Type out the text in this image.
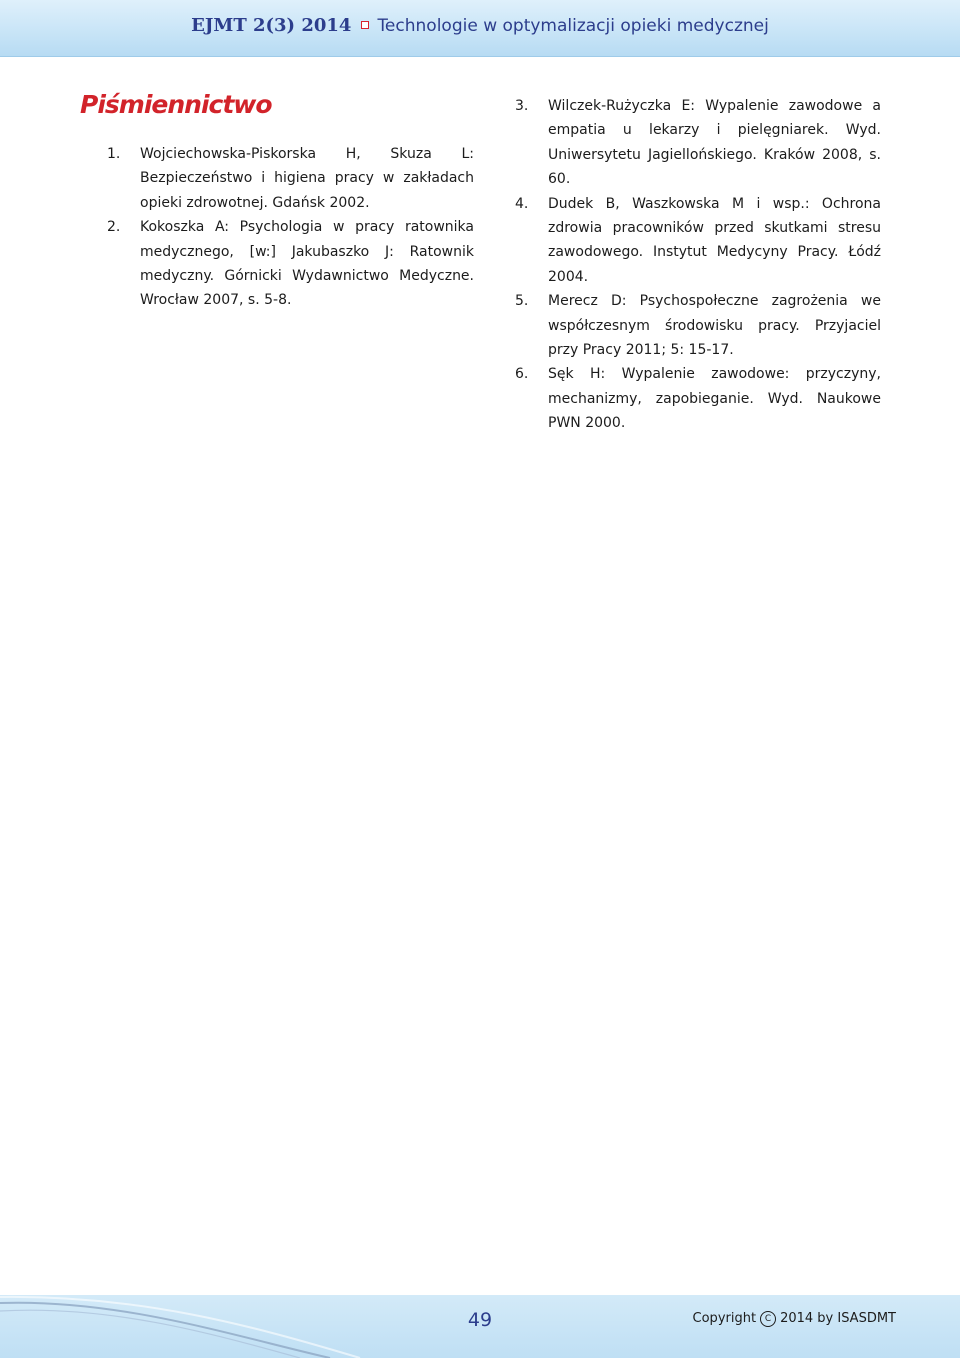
EJMT 2(3) 2014 Technologie w optymalizacji opieki medycznej
Piśmiennictwo
1. Wojciechowska-Piskorska H, Skuza L: Bezpieczeństwo i higiena pracy w zakładach opieki zdrowotnej. Gdańsk 2002.
2. Kokoszka A: Psychologia w pracy ratownika medycznego, [w:] Jakubaszko J: Ratownik medyczny. Górnicki Wydawnictwo Medyczne. Wrocław 2007, s. 5-8.
3. Wilczek-Rużyczka E: Wypalenie zawodowe a empatia u lekarzy i pielęgniarek. Wyd. Uniwersytetu Jagiellońskiego. Kraków 2008, s. 60.
4. Dudek B, Waszkowska M i wsp.: Ochrona zdrowia pracowników przed skutkami stresu zawodowego. Instytut Medycyny Pracy. Łódź 2004.
5. Merecz D: Psychospołeczne zagrożenia we współczesnym środowisku pracy. Przyjaciel przy Pracy 2011; 5: 15-17.
6. Sęk H: Wypalenie zawodowe: przyczyny, mechanizmy, zapobieganie. Wyd. Naukowe PWN 2000.
49	Copyright C 2014 by ISASDMT
